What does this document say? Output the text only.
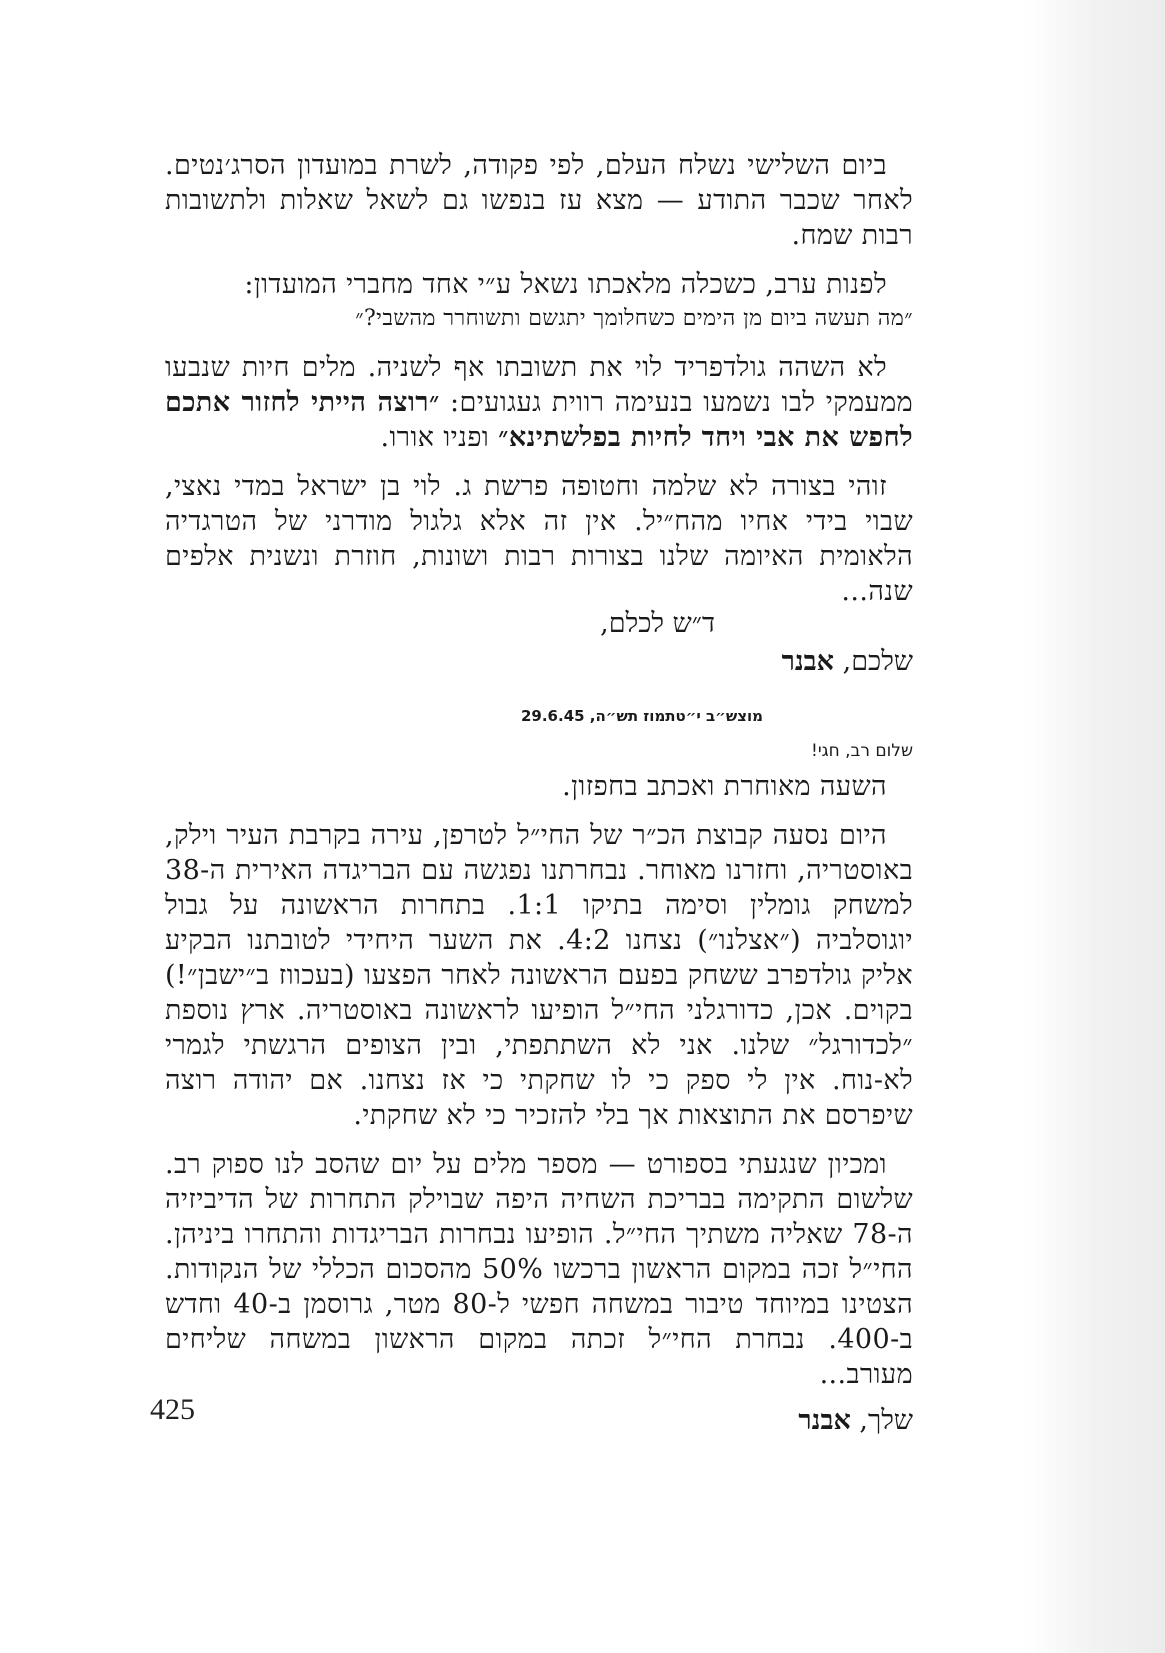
ביום השלישי נשלח העלם, לפי פקודה, לשרת במועדון הסרג׳נטים. לאחר שכבר התודע — מצא עז בנפשו גם לשאל שאלות ולתשובות רבות שמח.

לפנות ערב, כשכלה מלאכתו נשאל ע״י אחד מחברי המועדון:
״מה תעשה ביום מן הימים כשחלומך יתגשם ותשוחרר מהשבי?״

לא השהה גולדפריד לוי את תשובתו אף לשניה. מלים חיות שנבעו ממעמקי לבו נשמעו בנעימה רווית געגועים: ״רוצה הייתי לחזור אתכם לחפש את אבי ויחד לחיות בפלשתינא״ ופניו אורו.

זוהי בצורה לא שלמה וחטופה פרשת ג. לוי בן ישראל במדי נאצי, שבוי בידי אחיו מהח״יל. אין זה אלא גלגול מודרני של הטרגדיה הלאומית האיומה שלנו בצורות רבות ושונות, חוזרת ונשנית אלפים שנה...

ד״ש לכלם,

שלכם, אבנר

מוצש״ב י״טתמוז תש״ה, 29.6.45
שלום רב, חגי!

השעה מאוחרת ואכתב בחפזון.

היום נסעה קבוצת הכ״ר של החי״ל לטרפן, עירה בקרבת העיר וילק, באוסטריה, וחזרנו מאוחר. נבחרתנו נפגשה עם הבריגדה האירית ה-38 למשחק גומלין וסימה בתיקו 1:1. בתחרות הראשונה על גבול יוגוסלביה (״אצלנו״) נצחנו 4:2. את השער היחידי לטובתנו הבקיע אליק גולדפרב ששחק בפעם הראשונה לאחר הפצעו (בעכווז ב״ישבן״!) בקוים. אכן, כדורגלני החי״ל הופיעו לראשונה באוסטריה. ארץ נוספת ״לכדורגל״ שלנו. אני לא השתתפתי, ובין הצופים הרגשתי לגמרי לא-נוח. אין לי ספק כי לו שחקתי כי אז נצחנו. אם יהודה רוצה שיפרסם את התוצאות אך בלי להזכיר כי לא שחקתי.

ומכיון שנגעתי בספורט — מספר מלים על יום שהסב לנו ספוק רב. שלשום התקימה בבריכת השחיה היפה שבוילק התחרות של הדיביזיה ה-78 שאליה משתיך החי״ל. הופיעו נבחרות הבריגדות והתחרו ביניהן. החי״ל זכה במקום הראשון ברכשו 50% מהסכום הכללי של הנקודות. הצטינו במיוחד טיבור במשחה חפשי ל-80 מטר, גרוסמן ב-40 וחדש ב-400. נבחרת החי״ל זכתה במקום הראשון במשחה שליחים מעורב...

שלך, אבנר

425
